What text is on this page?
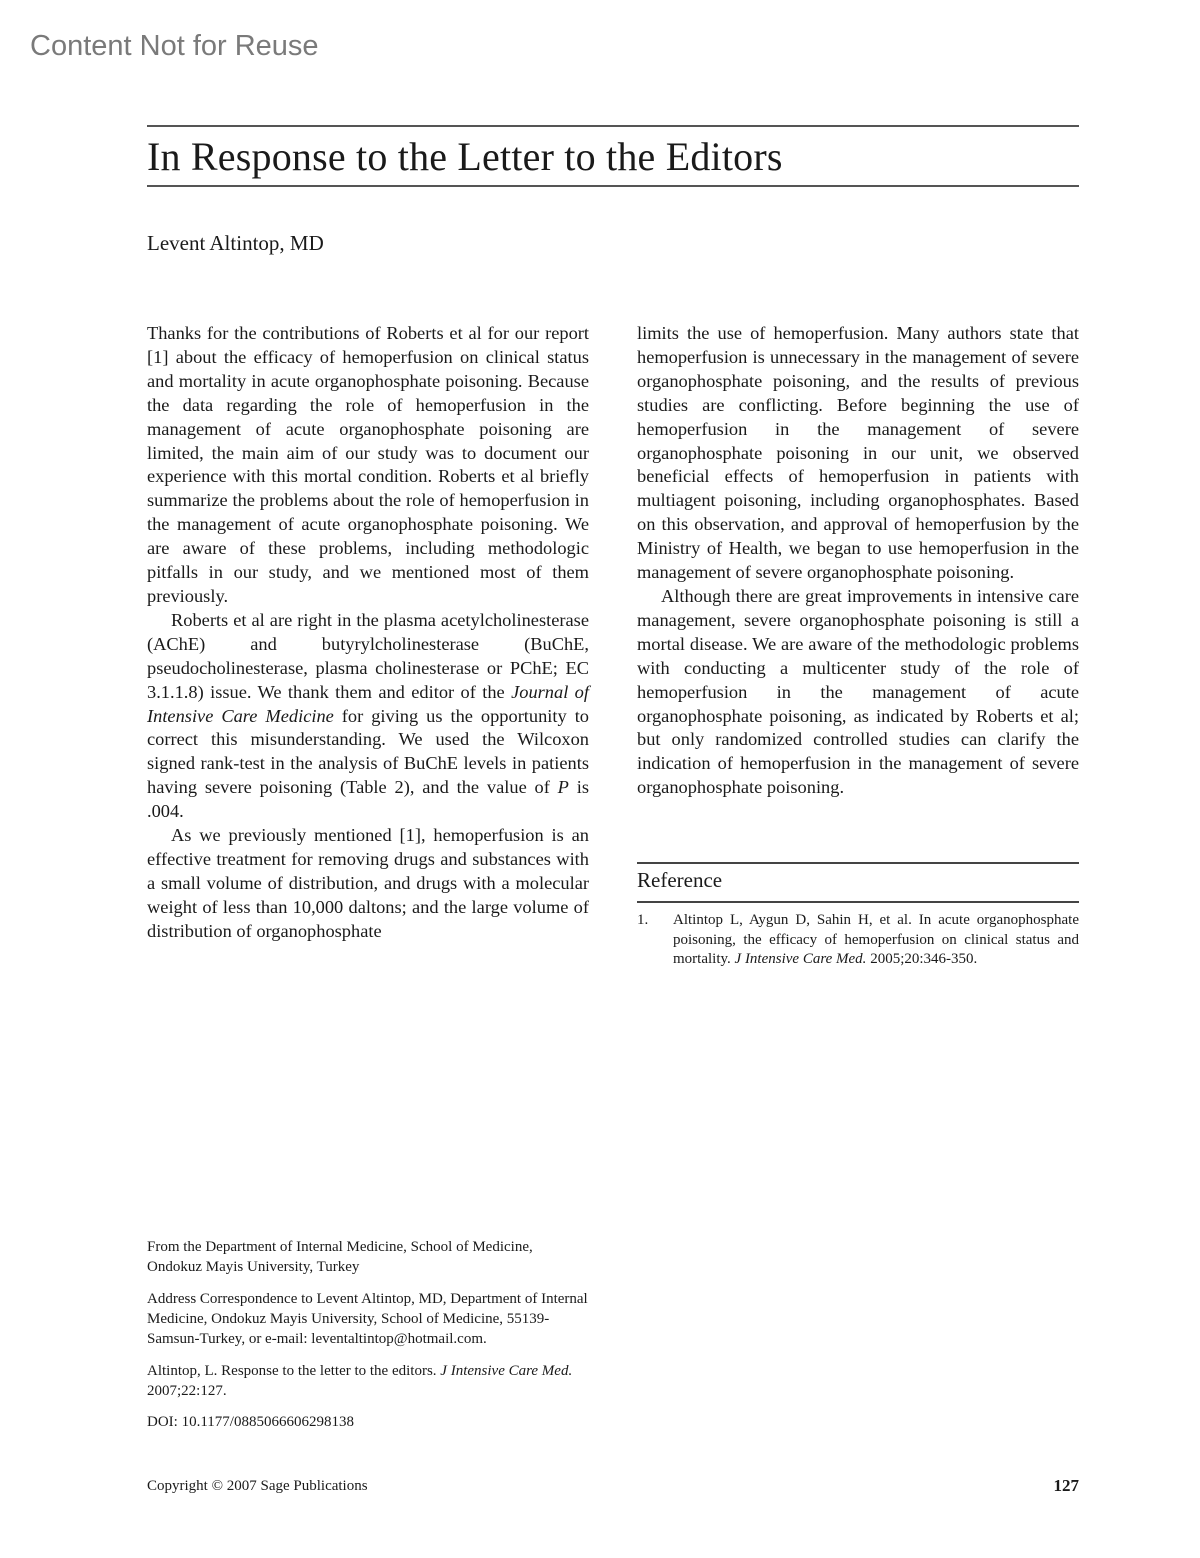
Content Not for Reuse
In Response to the Letter to the Editors
Levent Altintop, MD

Thanks for the contributions of Roberts et al for our report [1] about the efficacy of hemoperfusion on clinical status and mortality in acute organophosphate poisoning. Because the data regarding the role of hemoperfusion in the management of acute organophosphate poisoning are limited, the main aim of our study was to document our experience with this mortal condition. Roberts et al briefly summarize the problems about the role of hemoperfusion in the management of acute organophosphate poisoning. We are aware of these problems, including methodologic pitfalls in our study, and we mentioned most of them previously.

Roberts et al are right in the plasma acetylcholinesterase (AChE) and butyrylcholinesterase (BuChE, pseudocholinesterase, plasma cholinesterase or PChE; EC 3.1.1.8) issue. We thank them and editor of the Journal of Intensive Care Medicine for giving us the opportunity to correct this misunderstanding. We used the Wilcoxon signed rank-test in the analysis of BuChE levels in patients having severe poisoning (Table 2), and the value of P is .004.

As we previously mentioned [1], hemoperfusion is an effective treatment for removing drugs and substances with a small volume of distribution, and drugs with a molecular weight of less than 10,000 daltons; and the large volume of distribution of organophosphate

limits the use of hemoperfusion. Many authors state that hemoperfusion is unnecessary in the management of severe organophosphate poisoning, and the results of previous studies are conflicting. Before beginning the use of hemoperfusion in the management of severe organophosphate poisoning in our unit, we observed beneficial effects of hemoperfusion in patients with multiagent poisoning, including organophosphates. Based on this observation, and approval of hemoperfusion by the Ministry of Health, we began to use hemoperfusion in the management of severe organophosphate poisoning.

Although there are great improvements in intensive care management, severe organophosphate poisoning is still a mortal disease. We are aware of the methodologic problems with conducting a multicenter study of the role of hemoperfusion in the management of acute organophosphate poisoning, as indicated by Roberts et al; but only randomized controlled studies can clarify the indication of hemoperfusion in the management of severe organophosphate poisoning.

Reference
1. Altintop L, Aygun D, Sahin H, et al. In acute organophosphate poisoning, the efficacy of hemoperfusion on clinical status and mortality. J Intensive Care Med. 2005;20:346-350.
From the Department of Internal Medicine, School of Medicine, Ondokuz Mayis University, Turkey
Address Correspondence to Levent Altintop, MD, Department of Internal Medicine, Ondokuz Mayis University, School of Medicine, 55139-Samsun-Turkey, or e-mail: leventaltintop@hotmail.com.
Altintop, L. Response to the letter to the editors. J Intensive Care Med. 2007;22:127.
DOI: 10.1177/0885066606298138
Copyright © 2007 Sage Publications	127
